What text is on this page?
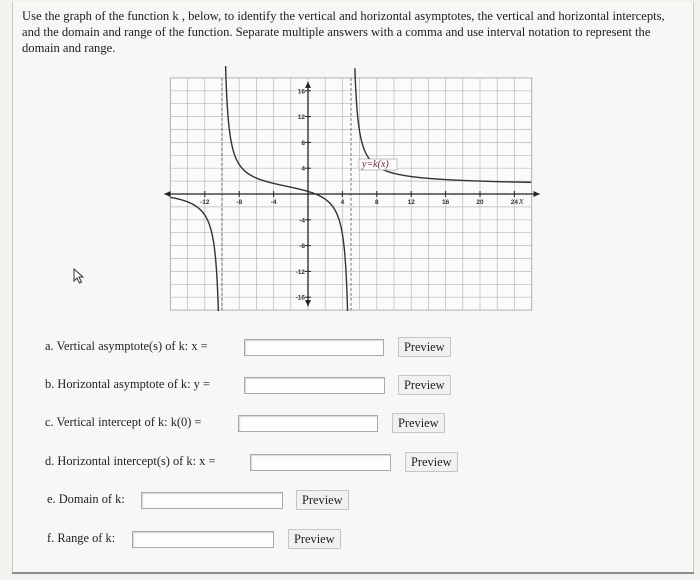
Use the graph of the function k , below, to identify the vertical and horizontal asymptotes, the vertical and horizontal intercepts, and the domain and range of the function. Separate multiple answers with a comma and use interval notation to represent the domain and range.
-12	-8	-4	4	8	12	16	20	24
16
12
8
4
-4
-8
-12
-16
x
y=k(x)
a. Vertical asymptote(s) of k: x =	Preview
b. Horizontal asymptote of k: y =	Preview
c. Vertical intercept of k: k(0) =	Preview
d. Horizontal intercept(s) of k: x =	Preview
e. Domain of k:	Preview
f. Range of k:	Preview
